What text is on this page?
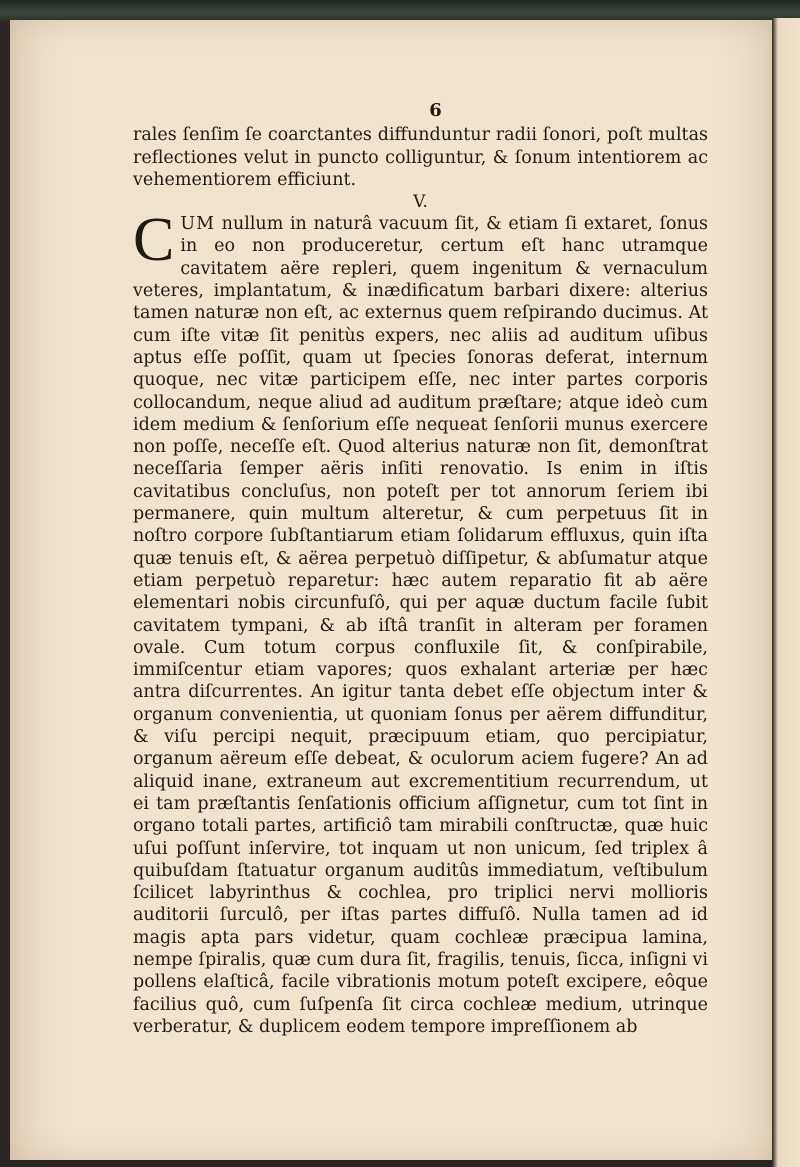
6

rales ſenſim ſe coarctantes diffunduntur radii ſonori, poſt multas reflectiones velut in puncto colliguntur, & ſonum intentiorem ac vehementiorem efficiunt.

V.

CUM nullum in naturâ vacuum ſit, & etiam ſi extaret, ſonus in eo non produceretur, certum eſt hanc utramque cavitatem aëre repleri, quem ingenitum & vernaculum veteres, implantatum, & inædificatum barbari dixere: alterius tamen naturæ non eſt, ac externus quem reſpirando ducimus. At cum iſte vitæ ſit penitùs expers, nec aliis ad auditum uſibus aptus eſſe poſſit, quam ut ſpecies ſonoras deferat, internum quoque, nec vitæ participem eſſe, nec inter partes corporis collocandum, neque aliud ad auditum præſtare; atque ideò cum idem medium & ſenſorium eſſe nequeat ſenſorii munus exercere non poſſe, neceſſe eſt. Quod alterius naturæ non ſit, demonſtrat neceſſaria ſemper aëris inſiti renovatio. Is enim in iſtis cavitatibus concluſus, non poteſt per tot annorum ſeriem ibi permanere, quin multum alteretur, & cum perpetuus ſit in noſtro corpore ſubſtantiarum etiam ſolidarum effluxus, quin iſta quæ tenuis eſt, & aërea perpetuò diſſipetur, & abſumatur atque etiam perpetuò reparetur: hæc autem reparatio fit ab aëre elementari nobis circunfuſô, qui per aquæ ductum facile ſubit cavitatem tympani, & ab iſtâ tranſit in alteram per foramen ovale. Cum totum corpus confluxile ſit, & conſpirabile, immiſcentur etiam vapores; quos exhalant arteriæ per hæc antra diſcurrentes. An igitur tanta debet eſſe objectum inter & organum convenientia, ut quoniam ſonus per aërem diffunditur, & viſu percipi nequit, præcipuum etiam, quo percipiatur, organum aëreum eſſe debeat, & oculorum aciem fugere? An ad aliquid inane, extraneum aut excrementitium recurrendum, ut ei tam præſtantis ſenſationis officium aſſignetur, cum tot ſint in organo totali partes, artificiô tam mirabili conſtructæ, quæ huic uſui poſſunt inſervire, tot inquam ut non unicum, ſed triplex â quibuſdam ſtatuatur organum auditûs immediatum, veſtibulum ſcilicet labyrinthus & cochlea, pro triplici nervi mollioris auditorii ſurculô, per iſtas partes diffuſô. Nulla tamen ad id magis apta pars videtur, quam cochleæ præcipua lamina, nempe ſpiralis, quæ cum dura ſit, fragilis, tenuis, ſicca, inſigni vi pollens elaſticâ, facile vibrationis motum poteſt excipere, eôque facilius quô, cum ſuſpenſa ſit circa cochleæ medium, utrinque verberatur, & duplicem eodem tempore impreſſionem ab
